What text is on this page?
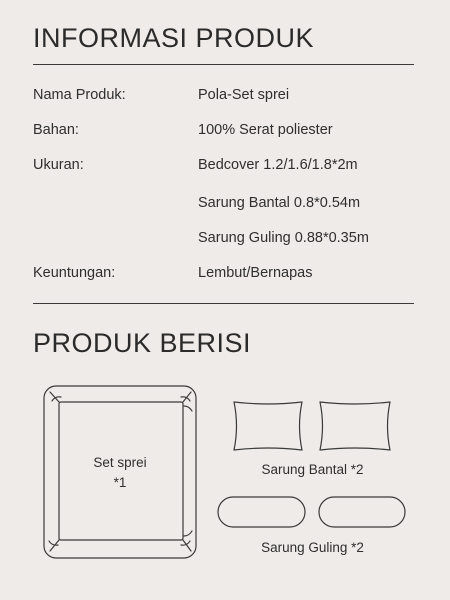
INFORMASI PRODUK
Nama Produk:	Pola-Set sprei
Bahan:	100% Serat poliester
Ukuran:	Bedcover 1.2/1.6/1.8*2m
Sarung Bantal 0.8*0.54m
Sarung Guling 0.88*0.35m
Keuntungan:	Lembut/Bernapas
PRODUK BERISI
Set sprei
*1
Sarung Bantal *2
Sarung Guling *2
